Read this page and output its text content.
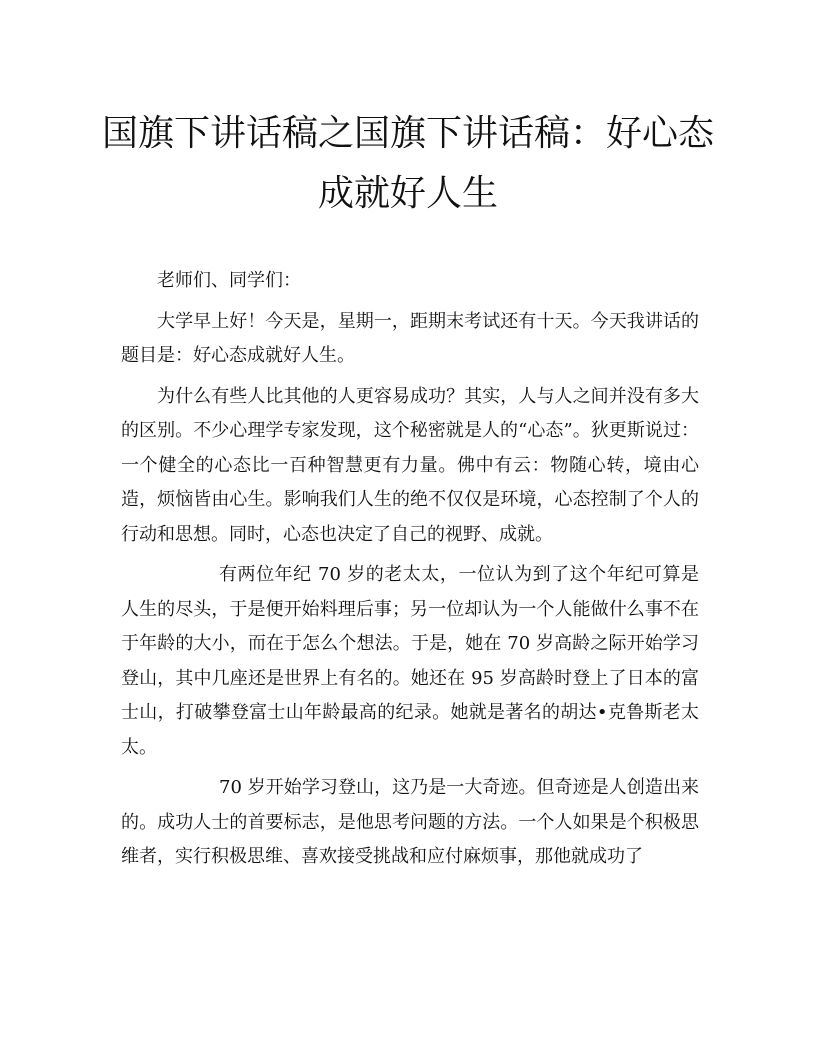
国旗下讲话稿之国旗下讲话稿：好心态
成就好人生

老师们、同学们：

大学早上好！今天是，星期一，距期末考试还有十天。今天我讲话的题目是：好心态成就好人生。

为什么有些人比其他的人更容易成功？其实，人与人之间并没有多大的区别。不少心理学专家发现，这个秘密就是人的“心态”。狄更斯说过：一个健全的心态比一百种智慧更有力量。佛中有云：物随心转，境由心造，烦恼皆由心生。影响我们人生的绝不仅仅是环境，心态控制了个人的行动和思想。同时，心态也决定了自己的视野、成就。

有两位年纪 70 岁的老太太，一位认为到了这个年纪可算是人生的尽头，于是便开始料理后事；另一位却认为一个人能做什么事不在于年龄的大小，而在于怎么个想法。于是，她在 70 岁高龄之际开始学习登山，其中几座还是世界上有名的。她还在 95 岁高龄时登上了日本的富士山，打破攀登富士山年龄最高的纪录。她就是著名的胡达•克鲁斯老太太。

70 岁开始学习登山，这乃是一大奇迹。但奇迹是人创造出来的。成功人士的首要标志，是他思考问题的方法。一个人如果是个积极思维者，实行积极思维、喜欢接受挑战和应付麻烦事，那他就成功了
